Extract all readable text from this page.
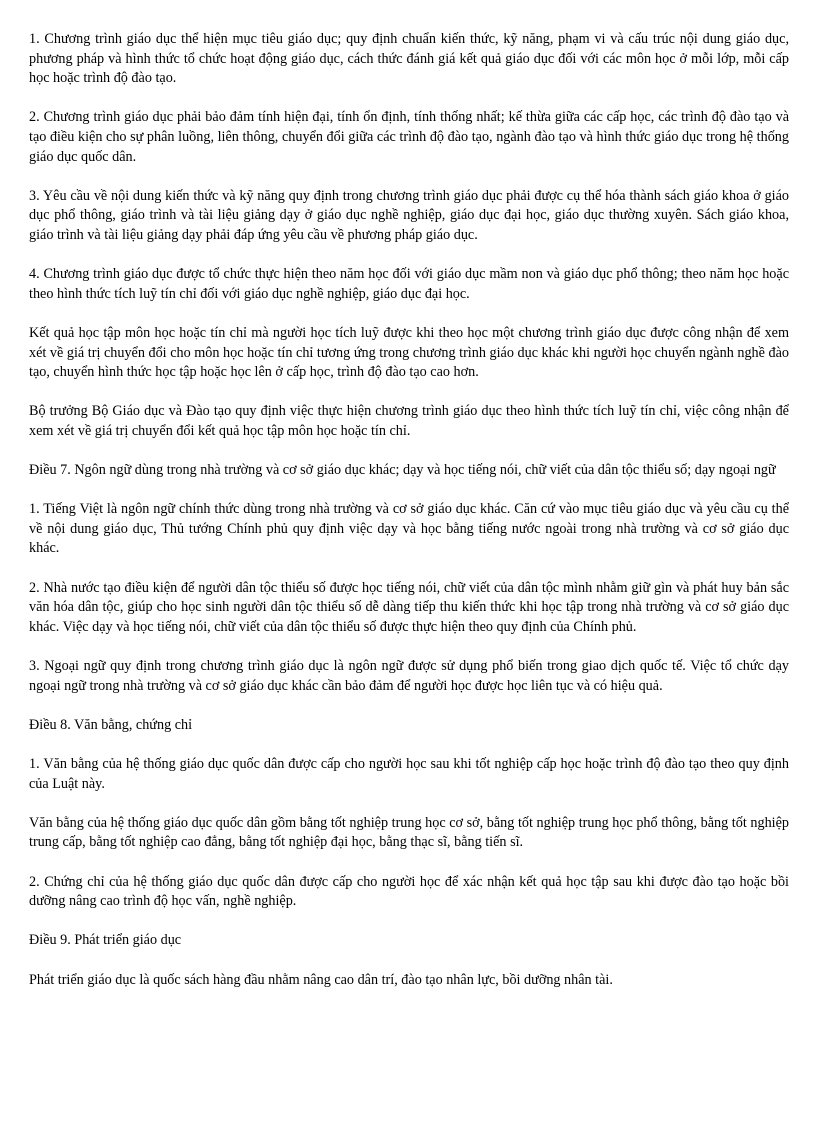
1. Chương trình giáo dục thể hiện mục tiêu giáo dục; quy định chuẩn kiến thức, kỹ năng, phạm vi và cấu trúc nội dung giáo dục, phương pháp và hình thức tổ chức hoạt động giáo dục, cách thức đánh giá kết quả giáo dục đối với các môn học ở mỗi lớp, mỗi cấp học hoặc trình độ đào tạo.

2. Chương trình giáo dục phải bảo đảm tính hiện đại, tính ổn định, tính thống nhất; kế thừa giữa các cấp học, các trình độ đào tạo và tạo điều kiện cho sự phân luồng, liên thông, chuyển đổi giữa các trình độ đào tạo, ngành đào tạo và hình thức giáo dục trong hệ thống giáo dục quốc dân.

3. Yêu cầu về nội dung kiến thức và kỹ năng quy định trong chương trình giáo dục phải được cụ thể hóa thành sách giáo khoa ở giáo dục phổ thông, giáo trình và tài liệu giảng dạy ở giáo dục nghề nghiệp, giáo dục đại học, giáo dục thường xuyên. Sách giáo khoa, giáo trình và tài liệu giảng dạy phải đáp ứng yêu cầu về phương pháp giáo dục.

4. Chương trình giáo dục được tổ chức thực hiện theo năm học đối với giáo dục mầm non và giáo dục phổ thông; theo năm học hoặc theo hình thức tích luỹ tín chỉ đối với giáo dục nghề nghiệp, giáo dục đại học.

Kết quả học tập môn học hoặc tín chỉ mà người học tích luỹ được khi theo học một chương trình giáo dục được công nhận để xem xét về giá trị chuyển đổi cho môn học hoặc tín chỉ tương ứng trong chương trình giáo dục khác khi người học chuyển ngành nghề đào tạo, chuyển hình thức học tập hoặc học lên ở cấp học, trình độ đào tạo cao hơn.

Bộ trưởng Bộ Giáo dục và Đào tạo quy định việc thực hiện chương trình giáo dục theo hình thức tích luỹ tín chỉ, việc công nhận để xem xét về giá trị chuyển đổi kết quả học tập môn học hoặc tín chỉ.

Điều 7. Ngôn ngữ dùng trong nhà trường và cơ sở giáo dục khác; dạy và học tiếng nói, chữ viết của dân tộc thiểu số; dạy ngoại ngữ

1. Tiếng Việt là ngôn ngữ chính thức dùng trong nhà trường và cơ sở giáo dục khác. Căn cứ vào mục tiêu giáo dục và yêu cầu cụ thể về nội dung giáo dục, Thủ tướng Chính phủ quy định việc dạy và học bằng tiếng nước ngoài trong nhà trường và cơ sở giáo dục khác.

2. Nhà nước tạo điều kiện để người dân tộc thiểu số được học tiếng nói, chữ viết của dân tộc mình nhằm giữ gìn và phát huy bản sắc văn hóa dân tộc, giúp cho học sinh người dân tộc thiểu số dễ dàng tiếp thu kiến thức khi học tập trong nhà trường và cơ sở giáo dục khác. Việc dạy và học tiếng nói, chữ viết của dân tộc thiểu số được thực hiện theo quy định của Chính phủ.

3. Ngoại ngữ quy định trong chương trình giáo dục là ngôn ngữ được sử dụng phổ biến trong giao dịch quốc tế. Việc tổ chức dạy ngoại ngữ trong nhà trường và cơ sở giáo dục khác cần bảo đảm để người học được học liên tục và có hiệu quả.

Điều 8. Văn bằng, chứng chỉ

1. Văn bằng của hệ thống giáo dục quốc dân được cấp cho người học sau khi tốt nghiệp cấp học hoặc trình độ đào tạo theo quy định của Luật này.

Văn bằng của hệ thống giáo dục quốc dân gồm bằng tốt nghiệp trung học cơ sở, bằng tốt nghiệp trung học phổ thông, bằng tốt nghiệp trung cấp, bằng tốt nghiệp cao đẳng, bằng tốt nghiệp đại học, bằng thạc sĩ, bằng tiến sĩ.

2. Chứng chỉ của hệ thống giáo dục quốc dân được cấp cho người học để xác nhận kết quả học tập sau khi được đào tạo hoặc bồi dưỡng nâng cao trình độ học vấn, nghề nghiệp.

Điều 9. Phát triển giáo dục

Phát triển giáo dục là quốc sách hàng đầu nhằm nâng cao dân trí, đào tạo nhân lực, bồi dưỡng nhân tài.
